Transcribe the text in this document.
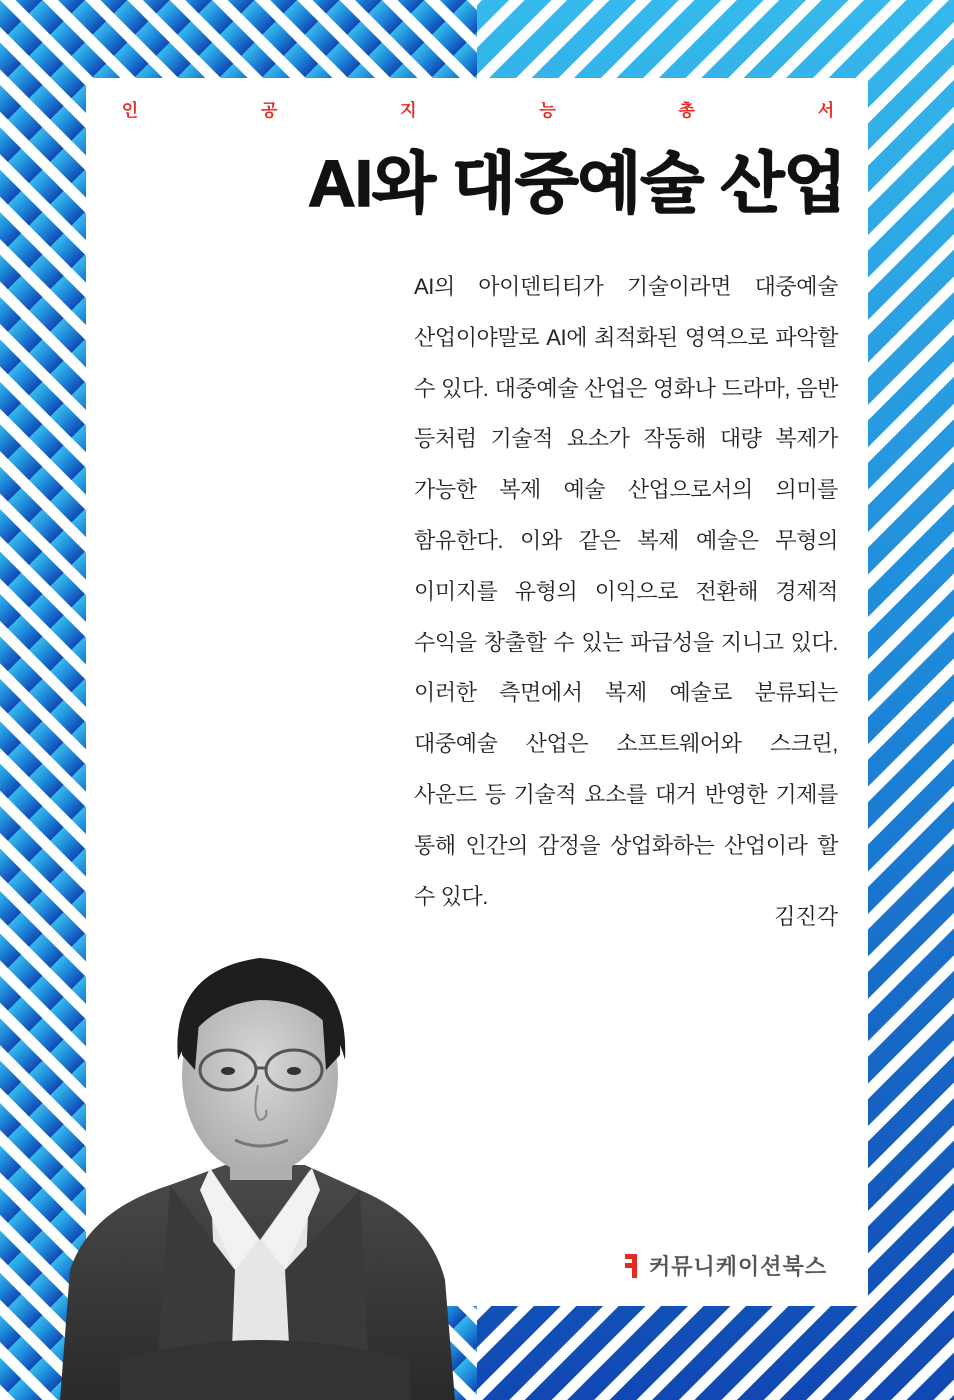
인	공	지	능	총	서
AI와 대중예술 산업
AI의 아이덴티티가 기술이라면 대중예술 산업이야말로 AI에 최적화된 영역으로 파악할 수 있다. 대중예술 산업은 영화나 드라마, 음반 등처럼 기술적 요소가 작동해 대량 복제가 가능한 복제 예술 산업으로서의 의미를 함유한다. 이와 같은 복제 예술은 무형의 이미지를 유형의 이익으로 전환해 경제적 수익을 창출할 수 있는 파급성을 지니고 있다. 이러한 측면에서 복제 예술로 분류되는 대중예술 산업은 소프트웨어와 스크린, 사운드 등 기술적 요소를 대거 반영한 기제를 통해 인간의 감정을 상업화하는 산업이라 할 수 있다.
김진각
커뮤니케이션북스
